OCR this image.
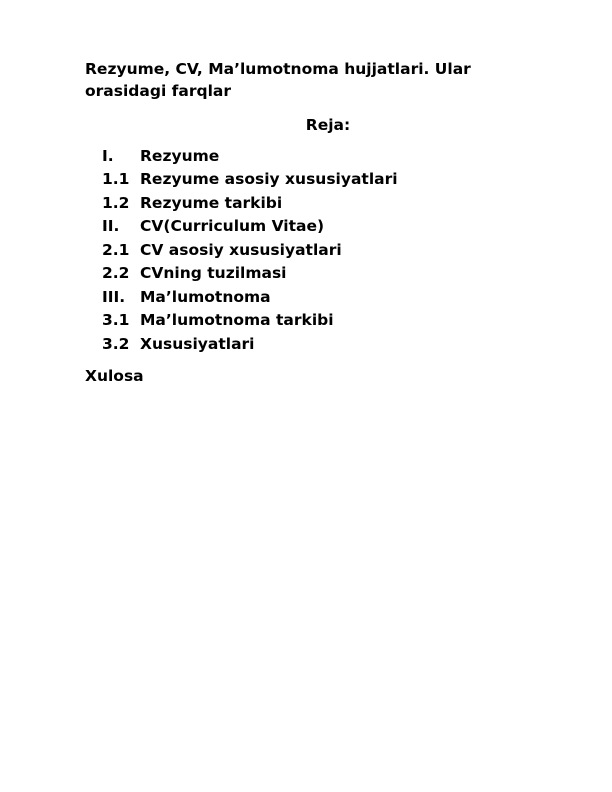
Rezyume, CV, Ma’lumotnoma hujjatlari. Ular orasidagi farqlar

Reja:

I.	Rezyume
1.1 Rezyume asosiy xususiyatlari
1.2 Rezyume tarkibi
II.	CV(Curriculum Vitae)
2.1 CV asosiy xususiyatlari
2.2 CVning tuzilmasi
III. Ma’lumotnoma
3.1 Ma’lumotnoma tarkibi
3.2 Xususiyatlari

Xulosa
